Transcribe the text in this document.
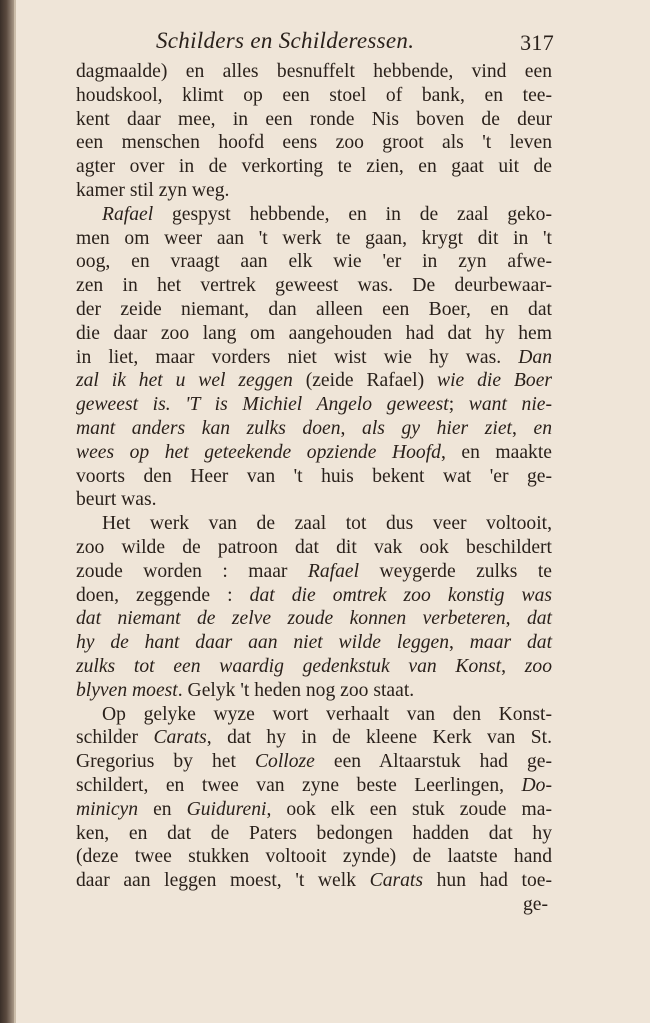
Schilders en Schilderessen.	317
dagmaalde) en alles besnuffelt hebbende, vind een
houdskool, klimt op een stoel of bank, en tee-
kent daar mee, in een ronde Nis boven de deur
een menschen hoofd eens zoo groot als 't leven
agter over in de verkorting te zien, en gaat uit de
kamer stil zyn weg.
Rafael gespyst hebbende, en in de zaal geko-
men om weer aan 't werk te gaan, krygt dit in 't
oog, en vraagt aan elk wie 'er in zyn afwe-
zen in het vertrek geweest was. De deurbewaar-
der zeide niemant, dan alleen een Boer, en dat
die daar zoo lang om aangehouden had dat hy hem
in liet, maar vorders niet wist wie hy was. Dan
zal ik het u wel zeggen (zeide Rafael) wie die Boer
geweest is. 'T is Michiel Angelo geweest; want nie-
mant anders kan zulks doen, als gy hier ziet, en
wees op het geteekende opziende Hoofd, en maakte
voorts den Heer van 't huis bekent wat 'er ge-
beurt was.
Het werk van de zaal tot dus veer voltooit,
zoo wilde de patroon dat dit vak ook beschildert
zoude worden : maar Rafael weygerde zulks te
doen, zeggende : dat die omtrek zoo konstig was
dat niemant de zelve zoude konnen verbeteren, dat
hy de hant daar aan niet wilde leggen, maar dat
zulks tot een waardig gedenkstuk van Konst, zoo
blyven moest. Gelyk 't heden nog zoo staat.
Op gelyke wyze wort verhaalt van den Konst-
schilder Carats, dat hy in de kleene Kerk van St.
Gregorius by het Colloze een Altaarstuk had ge-
schildert, en twee van zyne beste Leerlingen, Do-
minicyn en Guidureni, ook elk een stuk zoude ma-
ken, en dat de Paters bedongen hadden dat hy
(deze twee stukken voltooit zynde) de laatste hand
daar aan leggen moest, 't welk Carats hun had toe-
ge-
